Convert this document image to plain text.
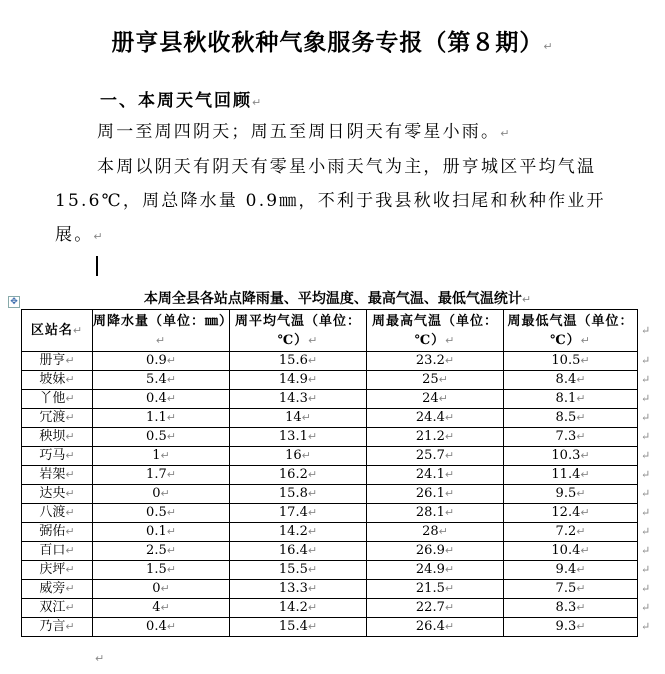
册亨县秋收秋种气象服务专报（第８期）↵
一、本周天气回顾↵
周一至周四阴天；周五至周日阴天有零星小雨。↵
本周以阴天有阴天有零星小雨天气为主，册亨城区平均气温 15.6℃，周总降水量 0.9㎜，不利于我县秋收扫尾和秋种作业开展。↵
✥	本周全县各站点降雨量、平均温度、最高气温、最低气温统计↵
区站名↵	周降水量（单位：㎜）↵	周平均气温（单位：℃）↵	周最高气温（单位：℃）↵	周最低气温（单位：℃）↵
册亨↵	0.9↵	15.6↵	23.2↵	10.5↵
坡妹↵	5.4↵	14.9↵	25↵	8.4↵
丫他↵	0.4↵	14.3↵	24↵	8.1↵
冗渡↵	1.1↵	14↵	24.4↵	8.5↵
秧坝↵	0.5↵	13.1↵	21.2↵	7.3↵
巧马↵	1↵	16↵	25.7↵	10.3↵
岩架↵	1.7↵	16.2↵	24.1↵	11.4↵
达央↵	0↵	15.8↵	26.1↵	9.5↵
八渡↵	0.5↵	17.4↵	28.1↵	12.4↵
弼佑↵	0.1↵	14.2↵	28↵	7.2↵
百口↵	2.5↵	16.4↵	26.9↵	10.4↵
庆坪↵	1.5↵	15.5↵	24.9↵	9.4↵
威旁↵	0↵	13.3↵	21.5↵	7.5↵
双江↵	4↵	14.2↵	22.7↵	8.3↵
乃言↵	0.4↵	15.4↵	26.4↵	9.3↵
↵
↵
↵
↵
↵
↵
↵
↵
↵
↵
↵
↵
↵
↵
↵
↵
↵
